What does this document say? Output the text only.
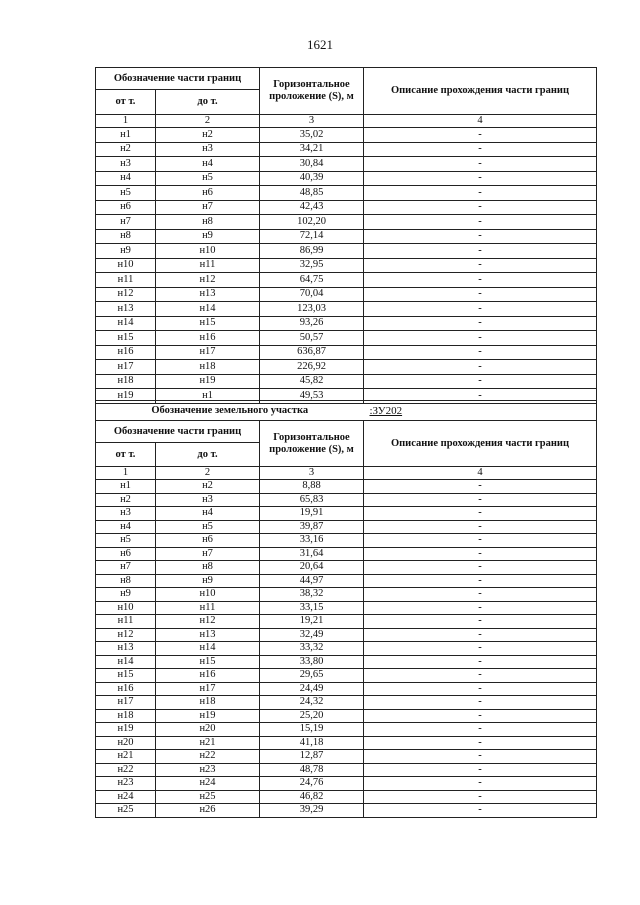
1621
Обозначение части границ		Горизонтальное проложение (S), м	Описание прохождения части границ
от т.	до т.		
1	2	3	4
н1	н2	35,02	-
н2	н3	34,21	-
н3	н4	30,84	-
н4	н5	40,39	-
н5	н6	48,85	-
н6	н7	42,43	-
н7	н8	102,20	-
н8	н9	72,14	-
н9	н10	86,99	-
н10	н11	32,95	-
н11	н12	64,75	-
н12	н13	70,04	-
н13	н14	123,03	-
н14	н15	93,26	-
н15	н16	50,57	-
н16	н17	636,87	-
н17	н18	226,92	-
н18	н19	45,82	-
н19	н1	49,53	-
Обозначение земельного участка			:ЗУ202
Обозначение части границ		Горизонтальное проложение (S), м	Описание прохождения части границ
от т.	до т.		
1	2	3	4
н1	н2	8,88	-
н2	н3	65,83	-
н3	н4	19,91	-
н4	н5	39,87	-
н5	н6	33,16	-
н6	н7	31,64	-
н7	н8	20,64	-
н8	н9	44,97	-
н9	н10	38,32	-
н10	н11	33,15	-
н11	н12	19,21	-
н12	н13	32,49	-
н13	н14	33,32	-
н14	н15	33,80	-
н15	н16	29,65	-
н16	н17	24,49	-
н17	н18	24,32	-
н18	н19	25,20	-
н19	н20	15,19	-
н20	н21	41,18	-
н21	н22	12,87	-
н22	н23	48,78	-
н23	н24	24,76	-
н24	н25	46,82	-
н25	н26	39,29	-
